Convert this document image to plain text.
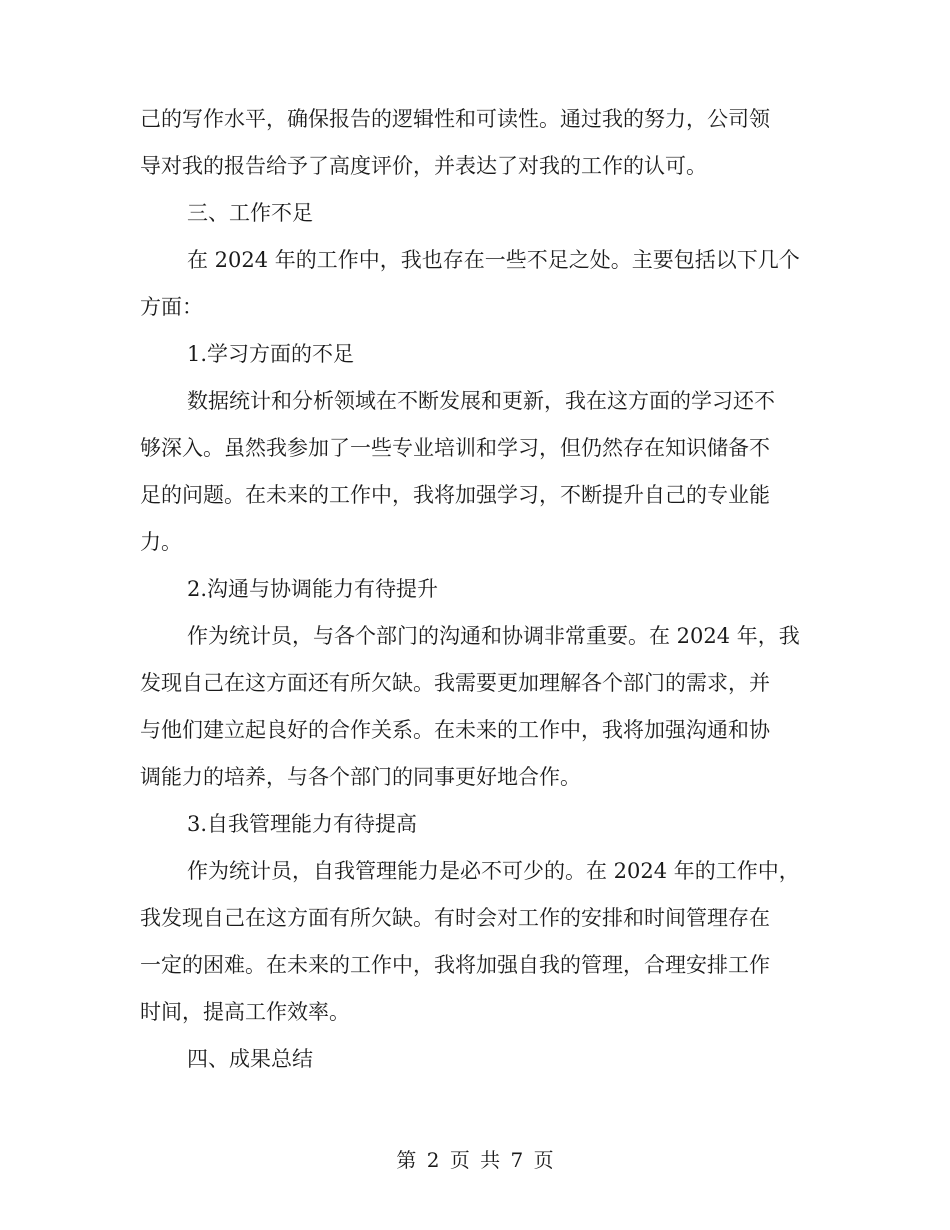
己的写作水平，确保报告的逻辑性和可读性。通过我的努力，公司领
导对我的报告给予了高度评价，并表达了对我的工作的认可。
三、工作不足
在 2024 年的工作中，我也存在一些不足之处。主要包括以下几个
方面：
1.学习方面的不足
数据统计和分析领域在不断发展和更新，我在这方面的学习还不
够深入。虽然我参加了一些专业培训和学习，但仍然存在知识储备不
足的问题。在未来的工作中，我将加强学习，不断提升自己的专业能
力。
2.沟通与协调能力有待提升
作为统计员，与各个部门的沟通和协调非常重要。在 2024 年，我
发现自己在这方面还有所欠缺。我需要更加理解各个部门的需求，并
与他们建立起良好的合作关系。在未来的工作中，我将加强沟通和协
调能力的培养，与各个部门的同事更好地合作。
3.自我管理能力有待提高
作为统计员，自我管理能力是必不可少的。在 2024 年的工作中，
我发现自己在这方面有所欠缺。有时会对工作的安排和时间管理存在
一定的困难。在未来的工作中，我将加强自我的管理，合理安排工作
时间，提高工作效率。
四、成果总结
第 2 页 共 7 页
